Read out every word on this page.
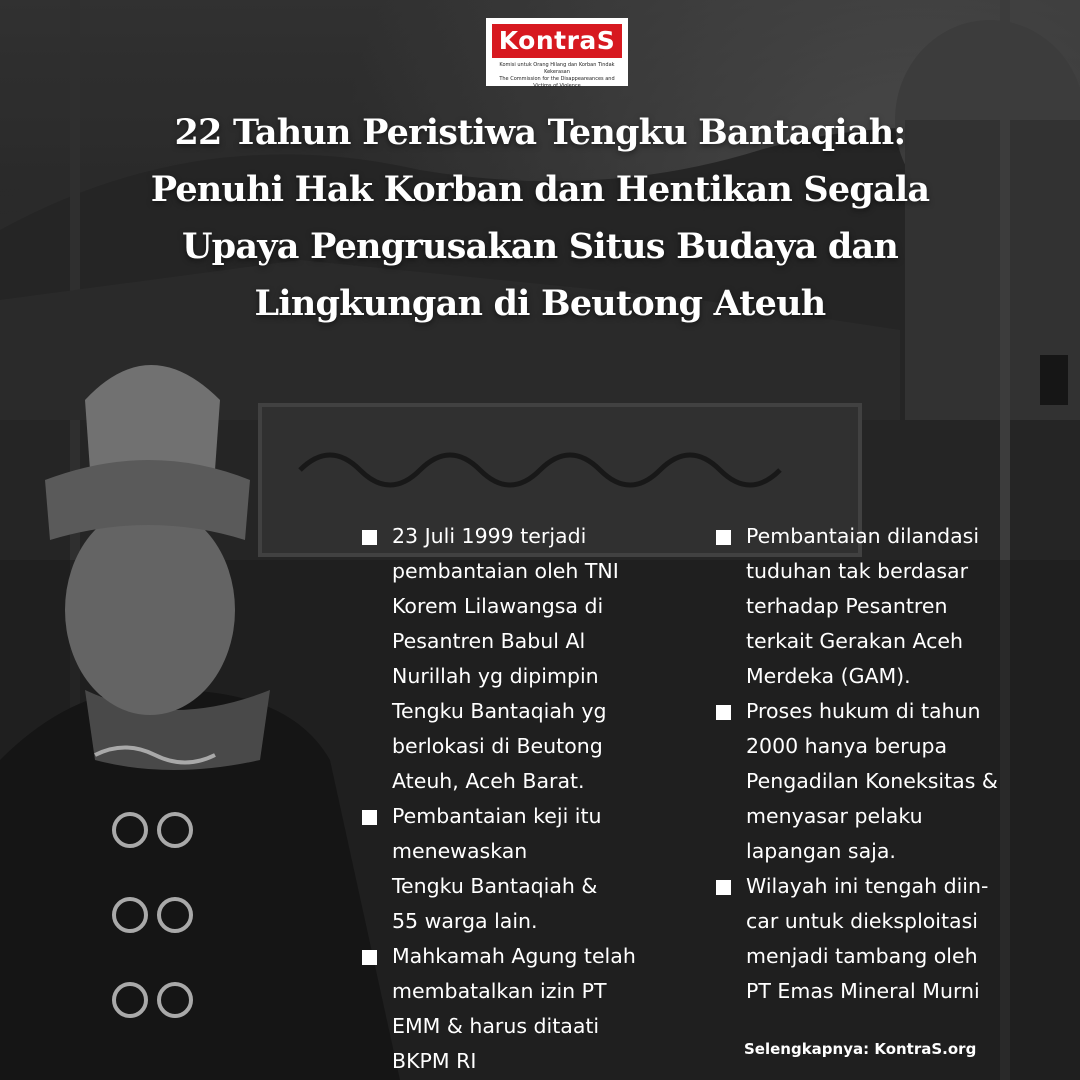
KontraS
Komisi untuk Orang Hilang dan Korban Tindak Kekerasan
The Commission for the Disappeareances and Victims of Violence
22 Tahun Peristiwa Tengku Bantaqiah:
Penuhi Hak Korban dan Hentikan Segala
Upaya Pengrusakan Situs Budaya dan
Lingkungan di Beutong Ateuh
23 Juli 1999 terjadi
pembantaian oleh TNI
Korem Lilawangsa di
Pesantren Babul Al
Nurillah yg dipimpin
Tengku Bantaqiah yg
berlokasi di Beutong
Ateuh, Aceh Barat.
Pembantaian keji itu
menewaskan
Tengku Bantaqiah &
55 warga lain.
Mahkamah Agung telah
membatalkan izin PT
EMM & harus ditaati
BKPM RI
Pembantaian dilandasi
tuduhan tak berdasar
terhadap Pesantren
terkait Gerakan Aceh
Merdeka (GAM).
Proses hukum di tahun
2000 hanya berupa
Pengadilan Koneksitas &
menyasar pelaku
lapangan saja.
Wilayah ini tengah diin-
car untuk dieksploitasi
menjadi tambang oleh
PT Emas Mineral Murni
Selengkapnya: KontraS.org
